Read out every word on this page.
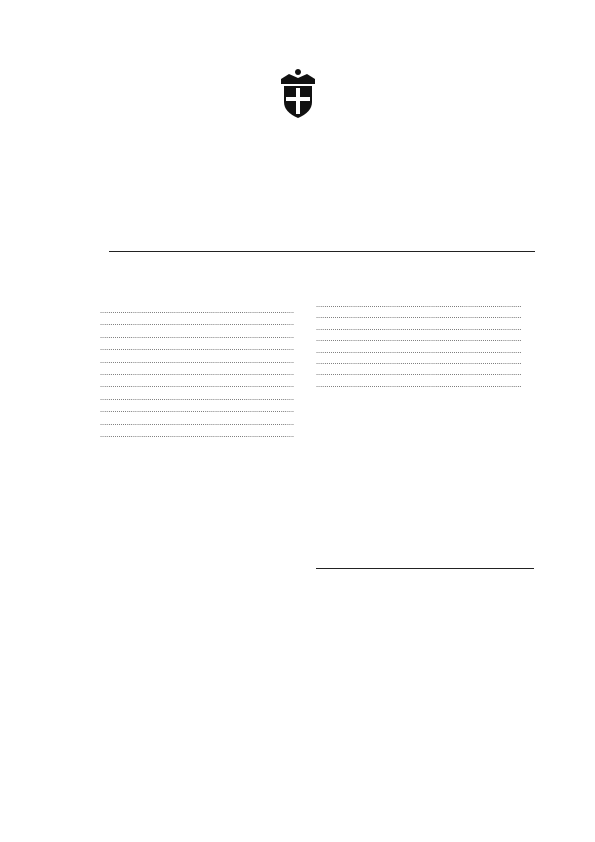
.....
.....
.....
.....
.....
.....
.....
.....
.....
.....
.....
.....
.....
.....
.....
.....
.....
.....
.....
